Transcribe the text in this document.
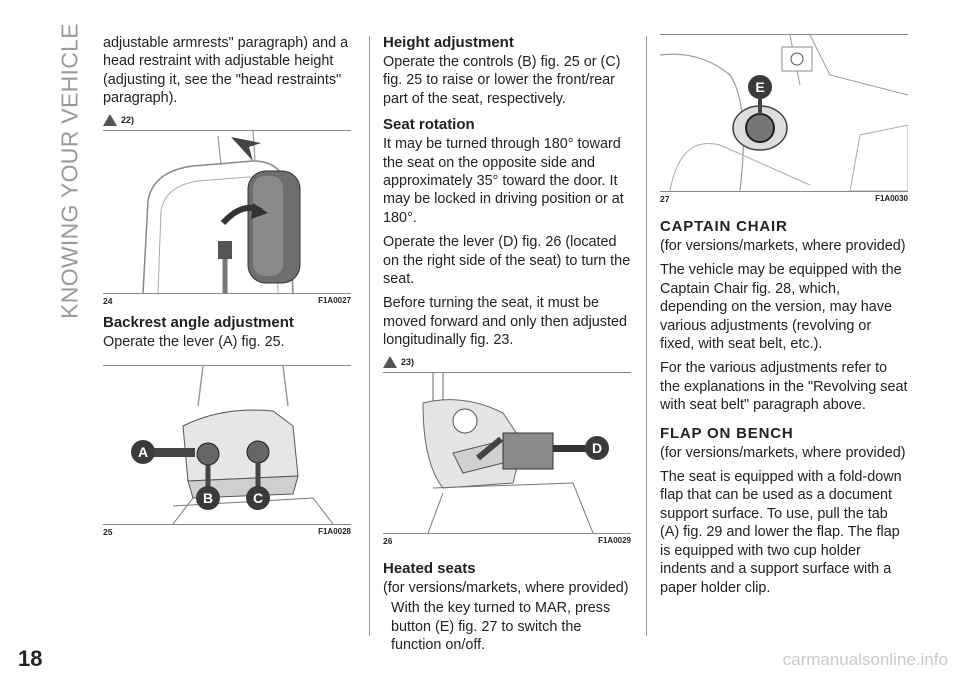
KNOWING YOUR VEHICLE
18	carmanualsonline.info

adjustable armrests" paragraph) and a head restraint with adjustable height (adjusting it, see the "head restraints" paragraph).

22)
24	F1A0027
Backrest angle adjustment

Operate the lever (A) fig. 25.

A
B	C
25	F1A0028
Height adjustment

Operate the controls (B) fig. 25 or (C) fig. 25 to raise or lower the front/rear part of the seat, respectively.

Seat rotation

It may be turned through 180° toward the seat on the opposite side and approximately 35° toward the door. It may be locked in driving position or at 180°.

Operate the lever (D) fig. 26 (located on the right side of the seat) to turn the seat.

Before turning the seat, it must be moved forward and only then adjusted longitudinally fig. 23.

23)
D
26	F1A0029
Heated seats

(for versions/markets, where provided)

With the key turned to MAR, press button (E) fig. 27 to switch the function on/off.

E
27	F1A0030
CAPTAIN CHAIR

(for versions/markets, where provided)

The vehicle may be equipped with the Captain Chair fig. 28, which, depending on the version, may have various adjustments (revolving or fixed, with seat belt, etc.).

For the various adjustments refer to the explanations in the "Revolving seat with seat belt" paragraph above.

FLAP ON BENCH

(for versions/markets, where provided)

The seat is equipped with a fold-down flap that can be used as a document support surface. To use, pull the tab (A) fig. 29 and lower the flap. The flap is equipped with two cup holder indents and a support surface with a paper holder clip.
